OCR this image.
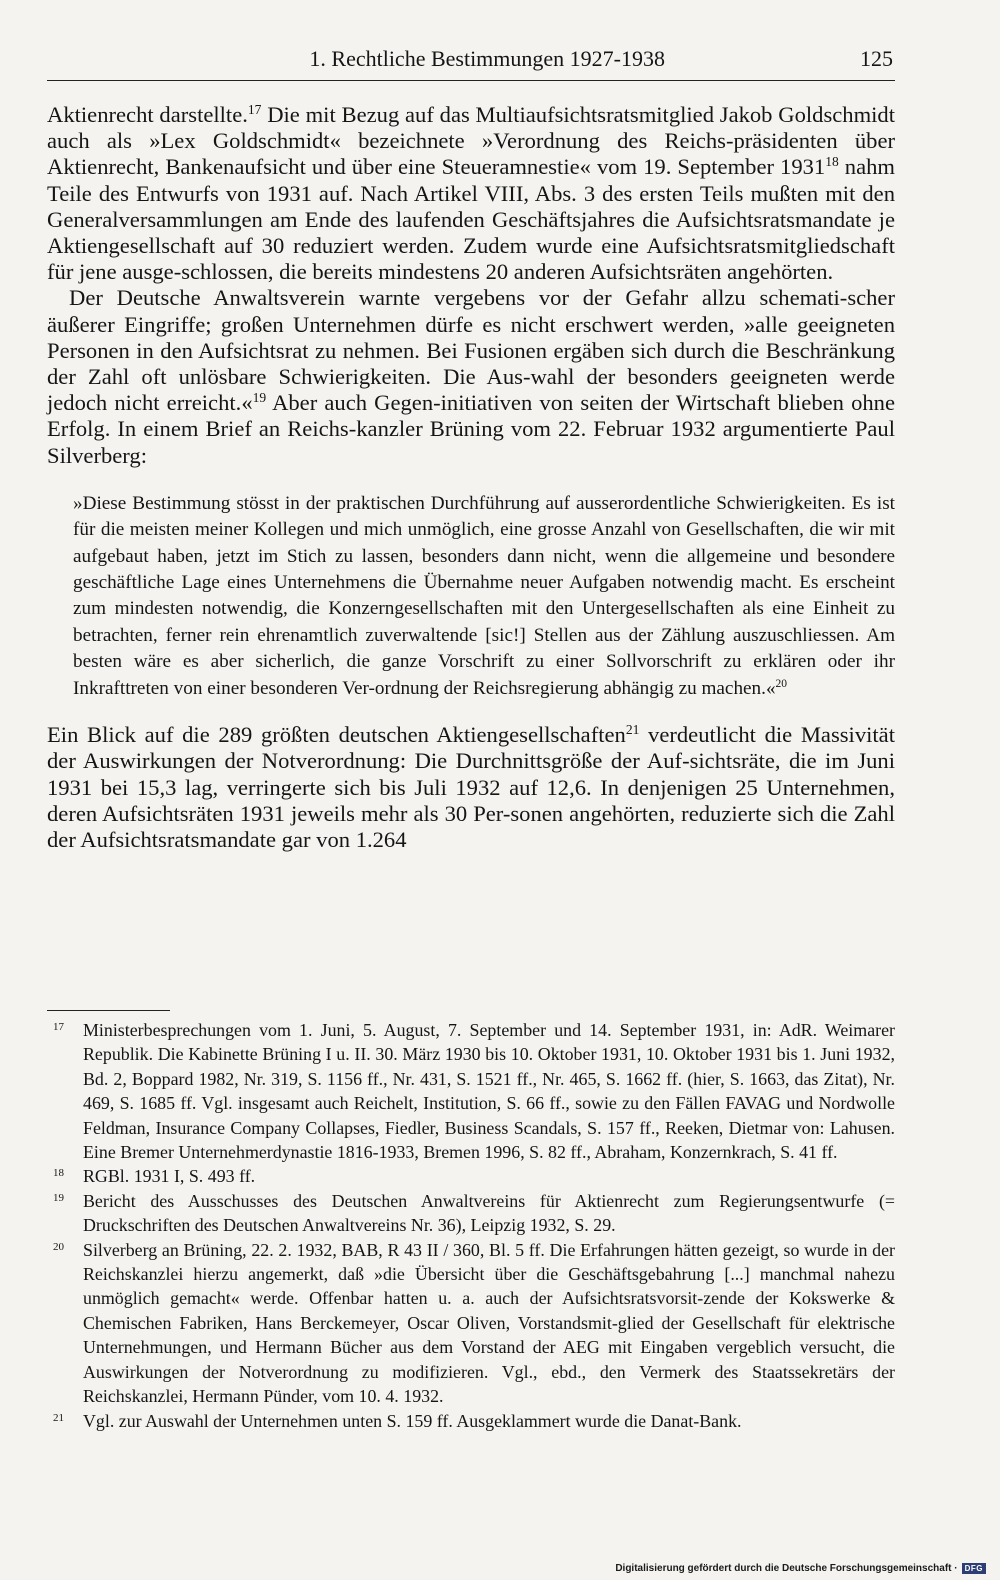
1. Rechtliche Bestimmungen 1927-1938	125

Aktienrecht darstellte.$^{17}$ Die mit Bezug auf das Multiaufsichtsratsmitglied Jakob Goldschmidt auch als »Lex Goldschmidt« bezeichnete »Verordnung des Reichs-präsidenten über Aktienrecht, Bankenaufsicht und über eine Steueramnestie« vom 19. September 1931$^{18}$ nahm Teile des Entwurfs von 1931 auf. Nach Artikel VIII, Abs. 3 des ersten Teils mußten mit den Generalversammlungen am Ende des laufenden Geschäftsjahres die Aufsichtsratsmandate je Aktiengesellschaft auf 30 reduziert werden. Zudem wurde eine Aufsichtsratsmitgliedschaft für jene ausge-schlossen, die bereits mindestens 20 anderen Aufsichtsräten angehörten.

Der Deutsche Anwaltsverein warnte vergebens vor der Gefahr allzu schemati-scher äußerer Eingriffe; großen Unternehmen dürfe es nicht erschwert werden, »alle geeigneten Personen in den Aufsichtsrat zu nehmen. Bei Fusionen ergäben sich durch die Beschränkung der Zahl oft unlösbare Schwierigkeiten. Die Aus-wahl der besonders geeigneten werde jedoch nicht erreicht.«$^{19}$ Aber auch Gegen-initiativen von seiten der Wirtschaft blieben ohne Erfolg. In einem Brief an Reichs-kanzler Brüning vom 22. Februar 1932 argumentierte Paul Silverberg:

»Diese Bestimmung stösst in der praktischen Durchführung auf ausserordentliche Schwierigkeiten. Es ist für die meisten meiner Kollegen und mich unmöglich, eine grosse Anzahl von Gesellschaften, die wir mit aufgebaut haben, jetzt im Stich zu lassen, besonders dann nicht, wenn die allgemeine und besondere geschäftliche Lage eines Unternehmens die Übernahme neuer Aufgaben notwendig macht. Es erscheint zum mindesten notwendig, die Konzerngesellschaften mit den Untergesellschaften als eine Einheit zu betrachten, ferner rein ehrenamtlich zuverwaltende [sic!] Stellen aus der Zählung auszuschliessen. Am besten wäre es aber sicherlich, die ganze Vorschrift zu einer Sollvorschrift zu erklären oder ihr Inkrafttreten von einer besonderen Ver-ordnung der Reichsregierung abhängig zu machen.«$^{20}$

Ein Blick auf die 289 größten deutschen Aktiengesellschaften$^{21}$ verdeutlicht die Massivität der Auswirkungen der Notverordnung: Die Durchnittsgröße der Auf-sichtsräte, die im Juni 1931 bei 15,3 lag, verringerte sich bis Juli 1932 auf 12,6. In denjenigen 25 Unternehmen, deren Aufsichtsräten 1931 jeweils mehr als 30 Per-sonen angehörten, reduzierte sich die Zahl der Aufsichtsratsmandate gar von 1.264

17	Ministerbesprechungen vom 1. Juni, 5. August, 7. September und 14. September 1931, in: AdR. Weimarer Republik. Die Kabinette Brüning I u. II. 30. März 1930 bis 10. Oktober 1931, 10. Oktober 1931 bis 1. Juni 1932, Bd. 2, Boppard 1982, Nr. 319, S. 1156 ff., Nr. 431, S. 1521 ff., Nr. 465, S. 1662 ff. (hier, S. 1663, das Zitat), Nr. 469, S. 1685 ff. Vgl. insgesamt auch Reichelt, Institution, S. 66 ff., sowie zu den Fällen FAVAG und Nordwolle Feldman, Insurance Company Collapses, Fiedler, Business Scandals, S. 157 ff., Reeken, Dietmar von: Lahusen. Eine Bremer Unternehmerdynastie 1816-1933, Bremen 1996, S. 82 ff., Abraham, Konzernkrach, S. 41 ff.
18	RGBl. 1931 I, S. 493 ff.
19	Bericht des Ausschusses des Deutschen Anwaltvereins für Aktienrecht zum Regierungsentwurfe (= Druckschriften des Deutschen Anwaltvereins Nr. 36), Leipzig 1932, S. 29.
20	Silverberg an Brüning, 22. 2. 1932, BAB, R 43 II / 360, Bl. 5 ff. Die Erfahrungen hätten gezeigt, so wurde in der Reichskanzlei hierzu angemerkt, daß »die Übersicht über die Geschäftsgebahrung [...] manchmal nahezu unmöglich gemacht« werde. Offenbar hatten u. a. auch der Aufsichtsratsvorsit-zende der Kokswerke & Chemischen Fabriken, Hans Berckemeyer, Oscar Oliven, Vorstandsmit-glied der Gesellschaft für elektrische Unternehmungen, und Hermann Bücher aus dem Vorstand der AEG mit Eingaben vergeblich versucht, die Auswirkungen der Notverordnung zu modifizieren. Vgl., ebd., den Vermerk des Staatssekretärs der Reichskanzlei, Hermann Pünder, vom 10. 4. 1932.
21	Vgl. zur Auswahl der Unternehmen unten S. 159 ff. Ausgeklammert wurde die Danat-Bank.
Digitalisierung gefördert durch die Deutsche Forschungsgemeinschaft · DFG
